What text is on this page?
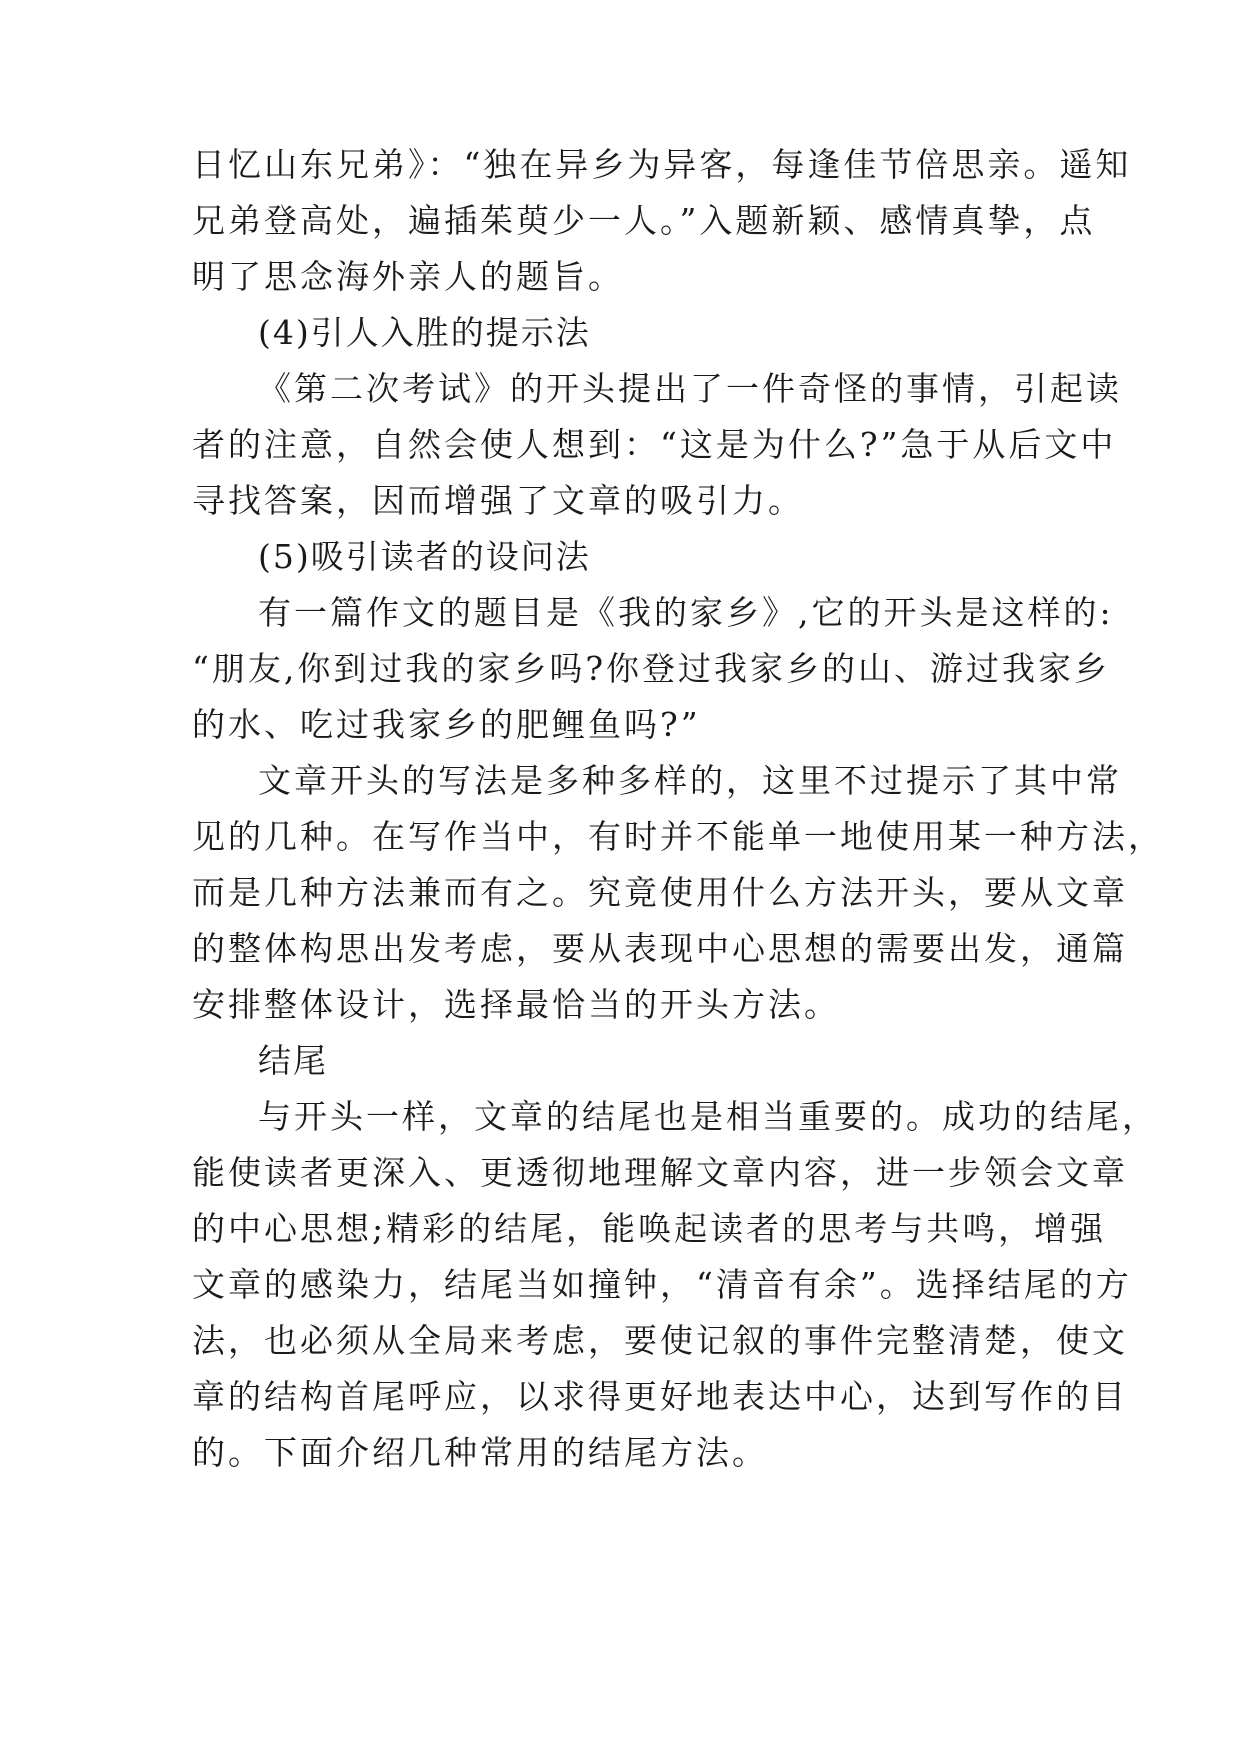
日忆山东兄弟》：“独在异乡为异客，每逢佳节倍思亲。遥知
兄弟登高处，遍插茱萸少一人。”入题新颖、感情真挚，点
明了思念海外亲人的题旨。
(4)引人入胜的提示法
《第二次考试》的开头提出了一件奇怪的事情，引起读
者的注意，自然会使人想到：“这是为什么?”急于从后文中
寻找答案，因而增强了文章的吸引力。
(5)吸引读者的设问法
有一篇作文的题目是《我的家乡》,它的开头是这样的:
“朋友,你到过我的家乡吗?你登过我家乡的山、游过我家乡
的水、吃过我家乡的肥鲤鱼吗?”
文章开头的写法是多种多样的，这里不过提示了其中常
见的几种。在写作当中，有时并不能单一地使用某一种方法，
而是几种方法兼而有之。究竟使用什么方法开头，要从文章
的整体构思出发考虑，要从表现中心思想的需要出发，通篇
安排整体设计，选择最恰当的开头方法。
结尾
与开头一样，文章的结尾也是相当重要的。成功的结尾，
能使读者更深入、更透彻地理解文章内容，进一步领会文章
的中心思想;精彩的结尾，能唤起读者的思考与共鸣，增强
文章的感染力，结尾当如撞钟，“清音有余”。选择结尾的方
法，也必须从全局来考虑，要使记叙的事件完整清楚，使文
章的结构首尾呼应，以求得更好地表达中心，达到写作的目
的。下面介绍几种常用的结尾方法。
